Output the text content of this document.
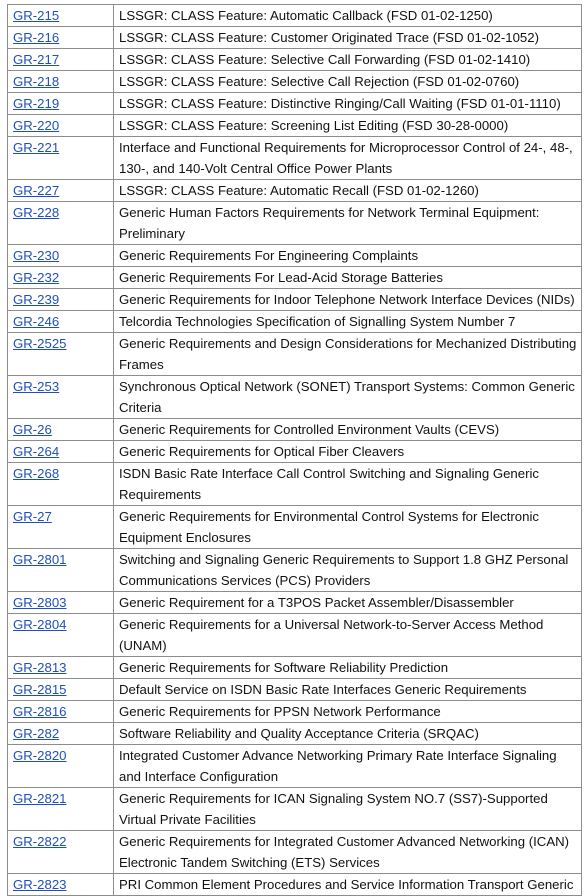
GR-215	LSSGR: CLASS Feature: Automatic Callback (FSD 01-02-1250)
GR-216	LSSGR: CLASS Feature: Customer Originated Trace (FSD 01-02-1052)
GR-217	LSSGR: CLASS Feature: Selective Call Forwarding (FSD 01-02-1410)
GR-218	LSSGR: CLASS Feature: Selective Call Rejection (FSD 01-02-0760)
GR-219	LSSGR: CLASS Feature: Distinctive Ringing/Call Waiting (FSD 01-01-1110)
GR-220	LSSGR: CLASS Feature: Screening List Editing (FSD 30-28-0000)
GR-221	Interface and Functional Requirements for Microprocessor Control of 24-, 48-, 130-, and 140-Volt Central Office Power Plants
GR-227	LSSGR: CLASS Feature: Automatic Recall (FSD 01-02-1260)
GR-228	Generic Human Factors Requirements for Network Terminal Equipment: Preliminary
GR-230	Generic Requirements For Engineering Complaints
GR-232	Generic Requirements For Lead-Acid Storage Batteries
GR-239	Generic Requirements for Indoor Telephone Network Interface Devices (NIDs)
GR-246	Telcordia Technologies Specification of Signalling System Number 7
GR-2525	Generic Requirements and Design Considerations for Mechanized Distributing Frames
GR-253	Synchronous Optical Network (SONET) Transport Systems: Common Generic Criteria
GR-26	Generic Requirements for Controlled Environment Vaults (CEVS)
GR-264	Generic Requirements for Optical Fiber Cleavers
GR-268	ISDN Basic Rate Interface Call Control Switching and Signaling Generic Requirements
GR-27	Generic Requirements for Environmental Control Systems for Electronic Equipment Enclosures
GR-2801	Switching and Signaling Generic Requirements to Support 1.8 GHZ Personal Communications Services (PCS) Providers
GR-2803	Generic Requirement for a T3POS Packet Assembler/Disassembler
GR-2804	Generic Requirements for a Universal Network-to-Server Access Method (UNAM)
GR-2813	Generic Requirements for Software Reliability Prediction
GR-2815	Default Service on ISDN Basic Rate Interfaces Generic Requirements
GR-2816	Generic Requirements for PPSN Network Performance
GR-282	Software Reliability and Quality Acceptance Criteria (SRQAC)
GR-2820	Integrated Customer Advance Networking Primary Rate Interface Signaling and Interface Configuration
GR-2821	Generic Requirements for ICAN Signaling System NO.7 (SS7)-Supported Virtual Private Facilities
GR-2822	Generic Requirements for Integrated Customer Advanced Networking (ICAN) Electronic Tandem Switching (ETS) Services
GR-2823	PRI Common Element Procedures and Service Information Transport Generic
